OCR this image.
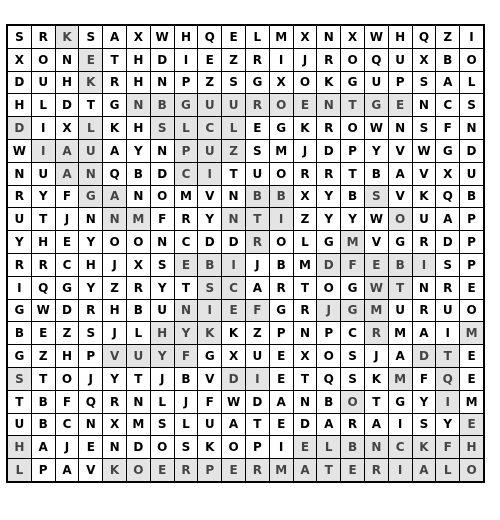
S	R	K	S	A	X	W	H	Q	E	L	M	X	N	X	W	H	Q	Z	I
X	O	N	E	T	H	D	I	E	Z	R	I	J	R	O	Q	U	X	B	O
D	U	H	K	R	H	N	P	Z	S	G	X	O	K	G	U	P	S	A	L
H	L	D	T	G	N	B	G	U	U	R	O	E	N	T	G	E	N	C	S
D	I	X	L	K	H	S	L	C	L	E	G	K	R	O	W	N	S	F	N
W	I	A	U	A	Y	N	P	U	Z	S	M	J	D	P	Y	V	W	G	D
N	U	A	N	Q	B	D	C	I	T	U	O	R	R	T	B	A	V	X	U
R	Y	F	G	A	N	O	M	V	N	B	B	X	Y	B	S	V	K	Q	B
U	T	J	N	N	M	F	R	Y	N	T	I	Z	Y	Y	W	O	U	A	P
Y	H	E	Y	O	O	N	C	D	D	R	O	L	G	M	V	G	R	D	P
R	R	C	H	J	X	S	E	B	I	J	B	M	D	F	E	B	I	S	P
I	Q	G	Y	Z	R	Y	T	S	C	A	R	T	O	G	W	T	N	R	E
G	W	D	R	H	B	U	N	I	E	F	G	R	J	G	M	U	R	U	O
B	E	Z	S	J	L	H	Y	K	K	Z	P	N	P	C	R	M	A	I	M
G	Z	H	P	V	U	Y	F	G	X	U	E	X	O	S	J	A	D	T	E
S	T	O	J	Y	T	J	B	V	D	I	E	T	Q	S	K	M	F	Q	E
T	B	F	Q	R	N	L	J	F	W	D	A	N	B	O	T	G	Y	I	M
U	B	C	N	X	M	S	L	U	A	T	E	D	A	R	A	I	S	Y	E
H	A	J	E	N	D	O	S	K	O	P	I	E	L	B	N	C	K	F	H
L	P	A	V	K	O	E	R	P	E	R	M	A	T	E	R	I	A	L	O
